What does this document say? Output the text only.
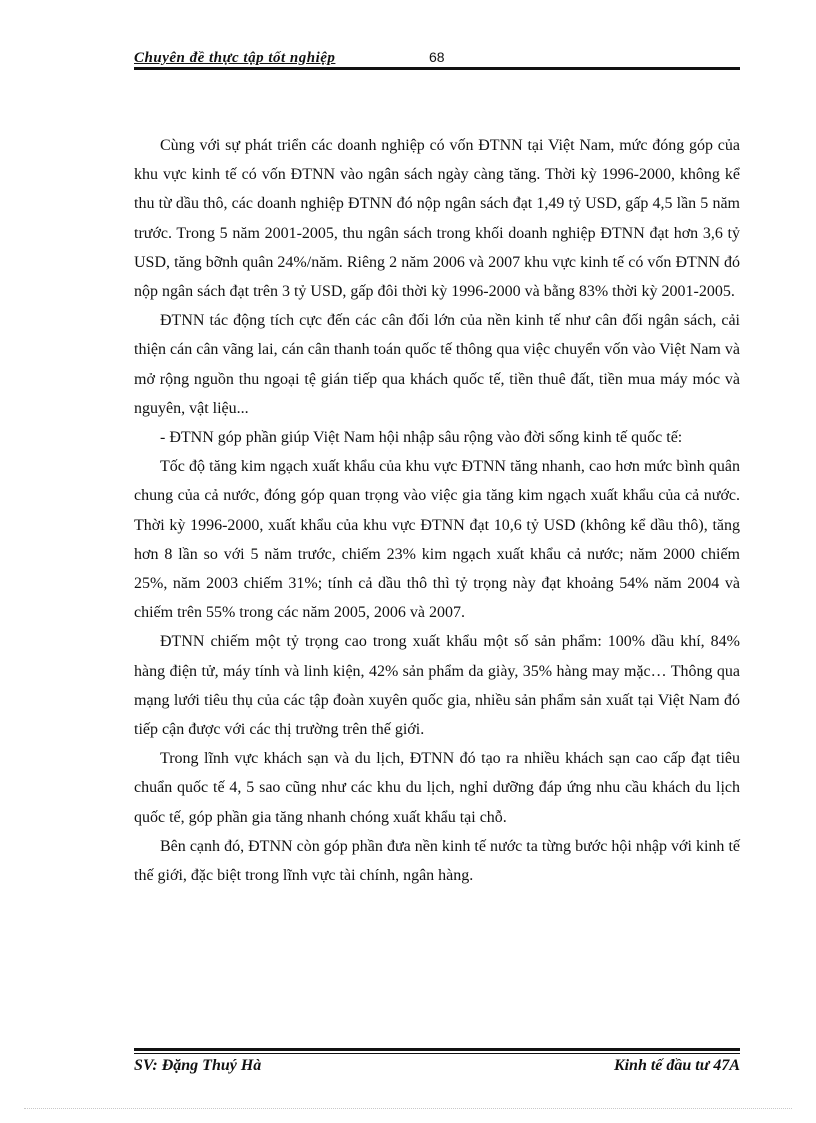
Chuyên đề thực tập tốt nghiệp	68

Cùng với sự phát triển các doanh nghiệp có vốn ĐTNN tại Việt Nam, mức đóng góp của khu vực kinh tế có vốn ĐTNN vào ngân sách ngày càng tăng. Thời kỳ 1996-2000, không kể thu từ dầu thô, các doanh nghiệp ĐTNN đó nộp ngân sách đạt 1,49 tỷ USD, gấp 4,5 lần 5 năm trước. Trong 5 năm 2001-2005, thu ngân sách trong khối doanh nghiệp ĐTNN đạt hơn 3,6 tỷ USD, tăng bỡnh quân 24%/năm. Riêng 2 năm 2006 và 2007 khu vực kinh tế có vốn ĐTNN đó nộp ngân sách đạt trên 3 tỷ USD, gấp đôi thời kỳ 1996-2000 và bằng 83% thời kỳ 2001-2005.

ĐTNN tác động tích cực đến các cân đối lớn của nền kinh tế như cân đối ngân sách, cải thiện cán cân vãng lai, cán cân thanh toán quốc tế thông qua việc chuyển vốn vào Việt Nam và mở rộng nguồn thu ngoại tệ gián tiếp qua khách quốc tế, tiền thuê đất, tiền mua máy móc và nguyên, vật liệu...

- ĐTNN góp phần giúp Việt Nam hội nhập sâu rộng vào đời sống kinh tế quốc tế:

Tốc độ tăng kim ngạch xuất khẩu của khu vực ĐTNN tăng nhanh, cao hơn mức bình quân chung của cả nước, đóng góp quan trọng vào việc gia tăng kim ngạch xuất khẩu của cả nước. Thời kỳ 1996-2000, xuất khẩu của khu vực ĐTNN đạt 10,6 tỷ USD (không kể dầu thô), tăng hơn 8 lần so với 5 năm trước, chiếm 23% kim ngạch xuất khẩu cả nước; năm 2000 chiếm 25%, năm 2003 chiếm 31%; tính cả dầu thô thì tỷ trọng này đạt khoảng 54% năm 2004 và chiếm trên 55% trong các năm 2005, 2006 và 2007.

ĐTNN chiếm một tỷ trọng cao trong xuất khẩu một số sản phẩm: 100% dầu khí, 84% hàng điện tử, máy tính và linh kiện, 42% sản phẩm da giày, 35% hàng may mặc… Thông qua mạng lưới tiêu thụ của các tập đoàn xuyên quốc gia, nhiều sản phẩm sản xuất tại Việt Nam đó tiếp cận được với các thị trường trên thế giới.

Trong lĩnh vực khách sạn và du lịch, ĐTNN đó tạo ra nhiều khách sạn cao cấp đạt tiêu chuẩn quốc tế 4, 5 sao cũng như các khu du lịch, nghỉ dưỡng đáp ứng nhu cầu khách du lịch quốc tế, góp phần gia tăng nhanh chóng xuất khẩu tại chỗ.

Bên cạnh đó, ĐTNN còn góp phần đưa nền kinh tế nước ta từng bước hội nhập với kinh tế thế giới, đặc biệt trong lĩnh vực tài chính, ngân hàng.

SV: Đặng Thuý Hà	Kinh tế đầu tư 47A
